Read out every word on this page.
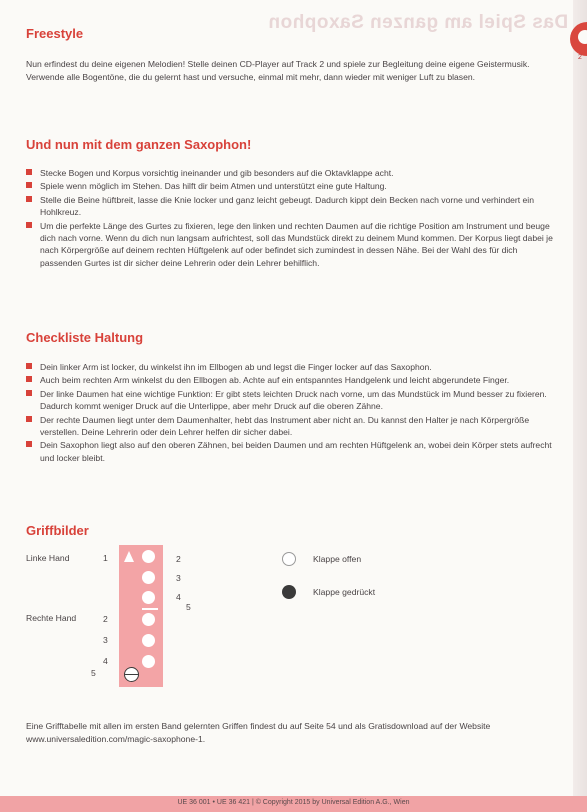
Das Spiel am ganzen Saxophon
2
Freestyle

Nun erfindest du deine eigenen Melodien! Stelle deinen CD-Player auf Track 2 und spiele zur Begleitung deine eigene Geistermusik. Verwende alle Bogentöne, die du gelernt hast und versuche, einmal mit mehr, dann wieder mit weniger Luft zu blasen.

Und nun mit dem ganzen Saxophon!
Stecke Bogen und Korpus vorsichtig ineinander und gib besonders auf die Oktavklappe acht.
Spiele wenn möglich im Stehen. Das hilft dir beim Atmen und unterstützt eine gute Haltung.
Stelle die Beine hüftbreit, lasse die Knie locker und ganz leicht gebeugt. Dadurch kippt dein Becken nach vorne und verhindert ein Hohlkreuz.
Um die perfekte Länge des Gurtes zu fixieren, lege den linken und rechten Daumen auf die richtige Position am Instrument und beuge dich nach vorne. Wenn du dich nun langsam aufrichtest, soll das Mundstück direkt zu deinem Mund kommen. Der Korpus liegt dabei je nach Körpergröße auf deinem rechten Hüftgelenk auf oder befindet sich zumindest in dessen Nähe. Bei der Wahl des für dich passenden Gurtes ist dir sicher deine Lehrerin oder dein Lehrer behilflich.
Checkliste Haltung
Dein linker Arm ist locker, du winkelst ihn im Ellbogen ab und legst die Finger locker auf das Saxophon.
Auch beim rechten Arm winkelst du den Ellbogen ab. Achte auf ein entspanntes Handgelenk und leicht abgerundete Finger.
Der linke Daumen hat eine wichtige Funktion: Er gibt stets leichten Druck nach vorne, um das Mundstück im Mund besser zu fixieren. Dadurch kommt weniger Druck auf die Unterlippe, aber mehr Druck auf die oberen Zähne.
Der rechte Daumen liegt unter dem Daumenhalter, hebt das Instrument aber nicht an. Du kannst den Halter je nach Körpergröße verstellen. Deine Lehrerin oder dein Lehrer helfen dir sicher dabei.
Dein Saxophon liegt also auf den oberen Zähnen, bei beiden Daumen und am rechten Hüftgelenk an, wobei dein Körper stets aufrecht und locker bleibt.
Griffbilder
Linke Hand
Rechte Hand
1	2
3
4
5
2
3
4
5
Klappe offen
Klappe gedrückt

Eine Grifftabelle mit allen im ersten Band gelernten Griffen findest du auf Seite 54 und als Gratisdownload auf der Website www.universaledition.com/magic-saxophone-1.

UE 36 001 • UE 36 421 | © Copyright 2015 by Universal Edition A.G., Wien
